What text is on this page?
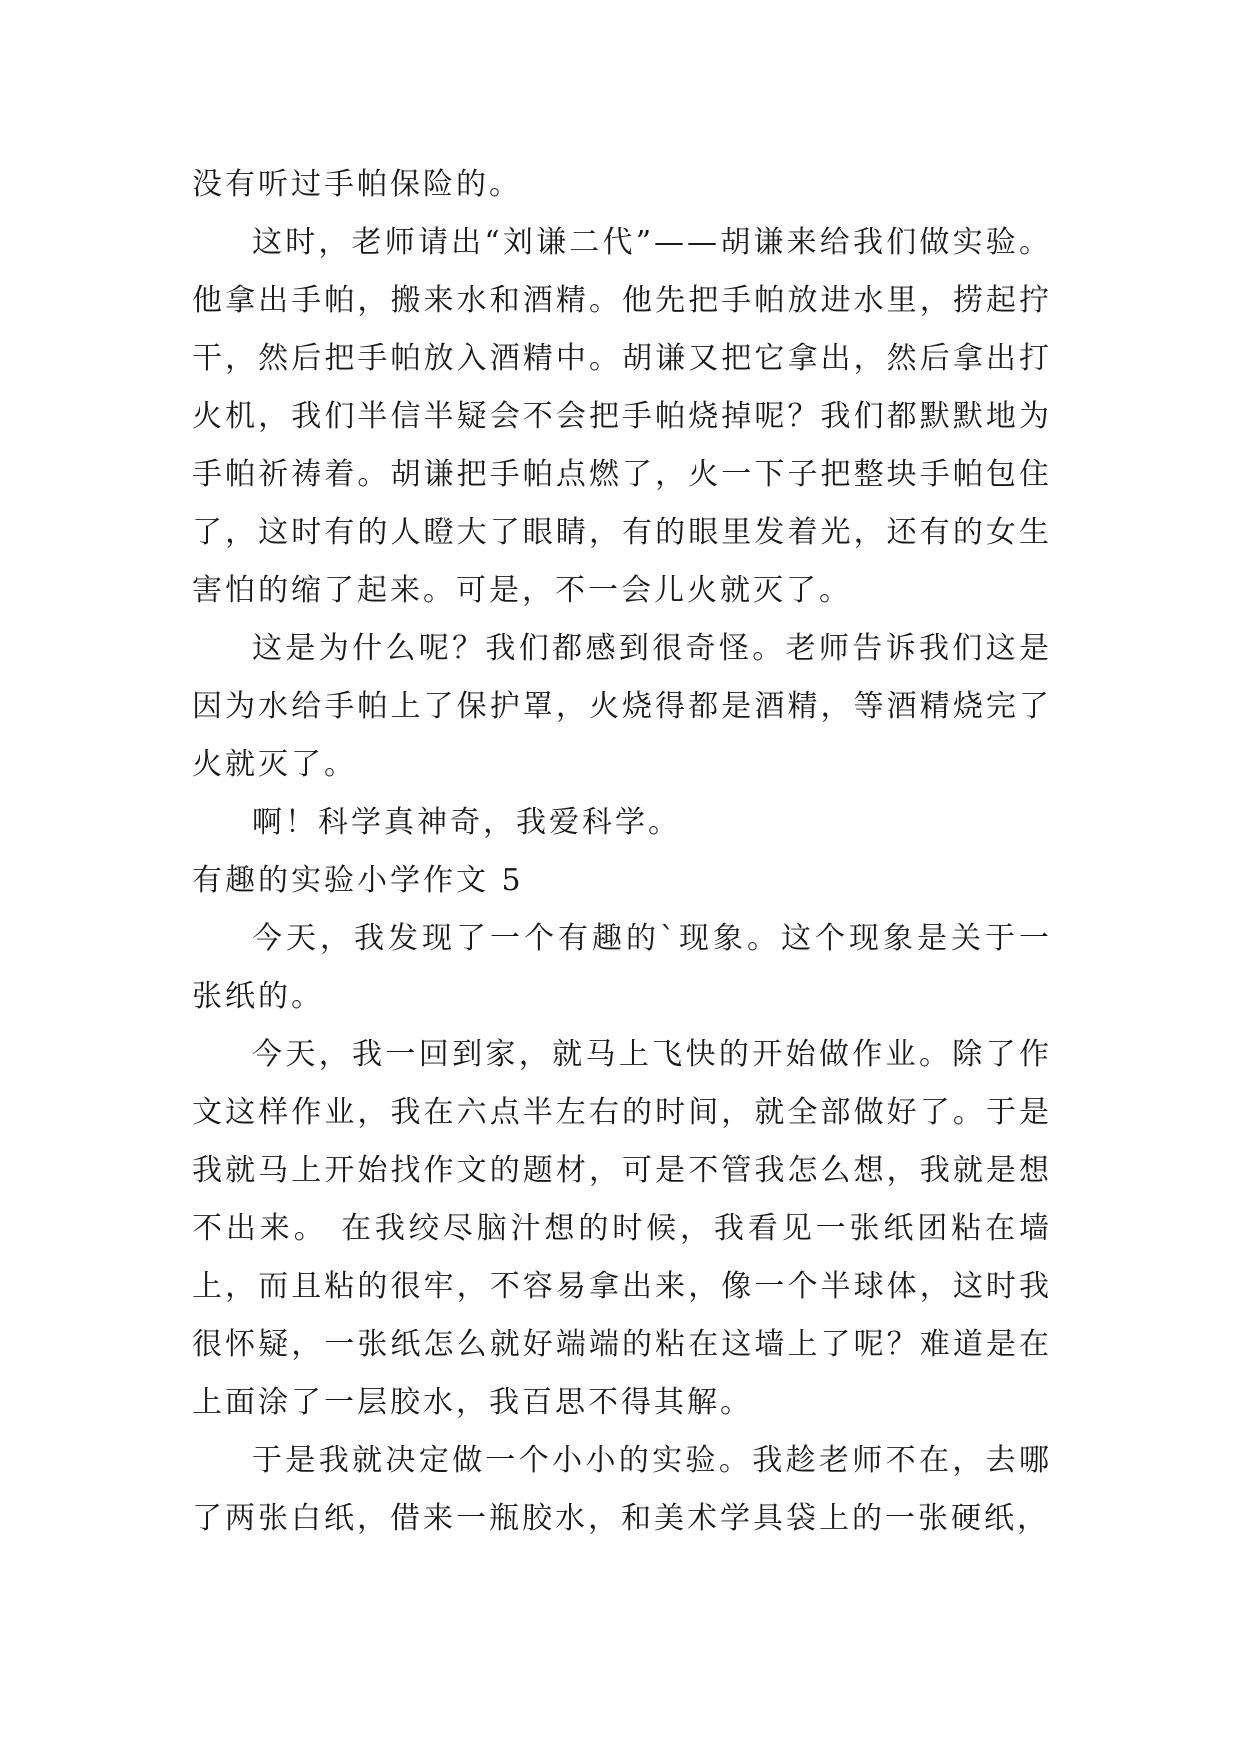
没有听过手帕保险的。

这时，老师请出“刘谦二代”——胡谦来给我们做实验。他拿出手帕，搬来水和酒精。他先把手帕放进水里，捞起拧干，然后把手帕放入酒精中。胡谦又把它拿出，然后拿出打火机，我们半信半疑会不会把手帕烧掉呢？我们都默默地为手帕祈祷着。胡谦把手帕点燃了，火一下子把整块手帕包住了，这时有的人瞪大了眼睛，有的眼里发着光，还有的女生害怕的缩了起来。可是，不一会儿火就灭了。

这是为什么呢？我们都感到很奇怪。老师告诉我们这是因为水给手帕上了保护罩，火烧得都是酒精，等酒精烧完了火就灭了。

啊！科学真神奇，我爱科学。

有趣的实验小学作文 5

今天，我发现了一个有趣的`现象。这个现象是关于一张纸的。

今天，我一回到家，就马上飞快的开始做作业。除了作文这样作业，我在六点半左右的时间，就全部做好了。于是我就马上开始找作文的题材，可是不管我怎么想，我就是想不出来。 在我绞尽脑汁想的时候，我看见一张纸团粘在墙上，而且粘的很牢，不容易拿出来，像一个半球体，这时我很怀疑，一张纸怎么就好端端的粘在这墙上了呢？难道是在上面涂了一层胶水，我百思不得其解。

于是我就决定做一个小小的实验。我趁老师不在，去哪了两张白纸，借来一瓶胶水，和美术学具袋上的一张硬纸，
